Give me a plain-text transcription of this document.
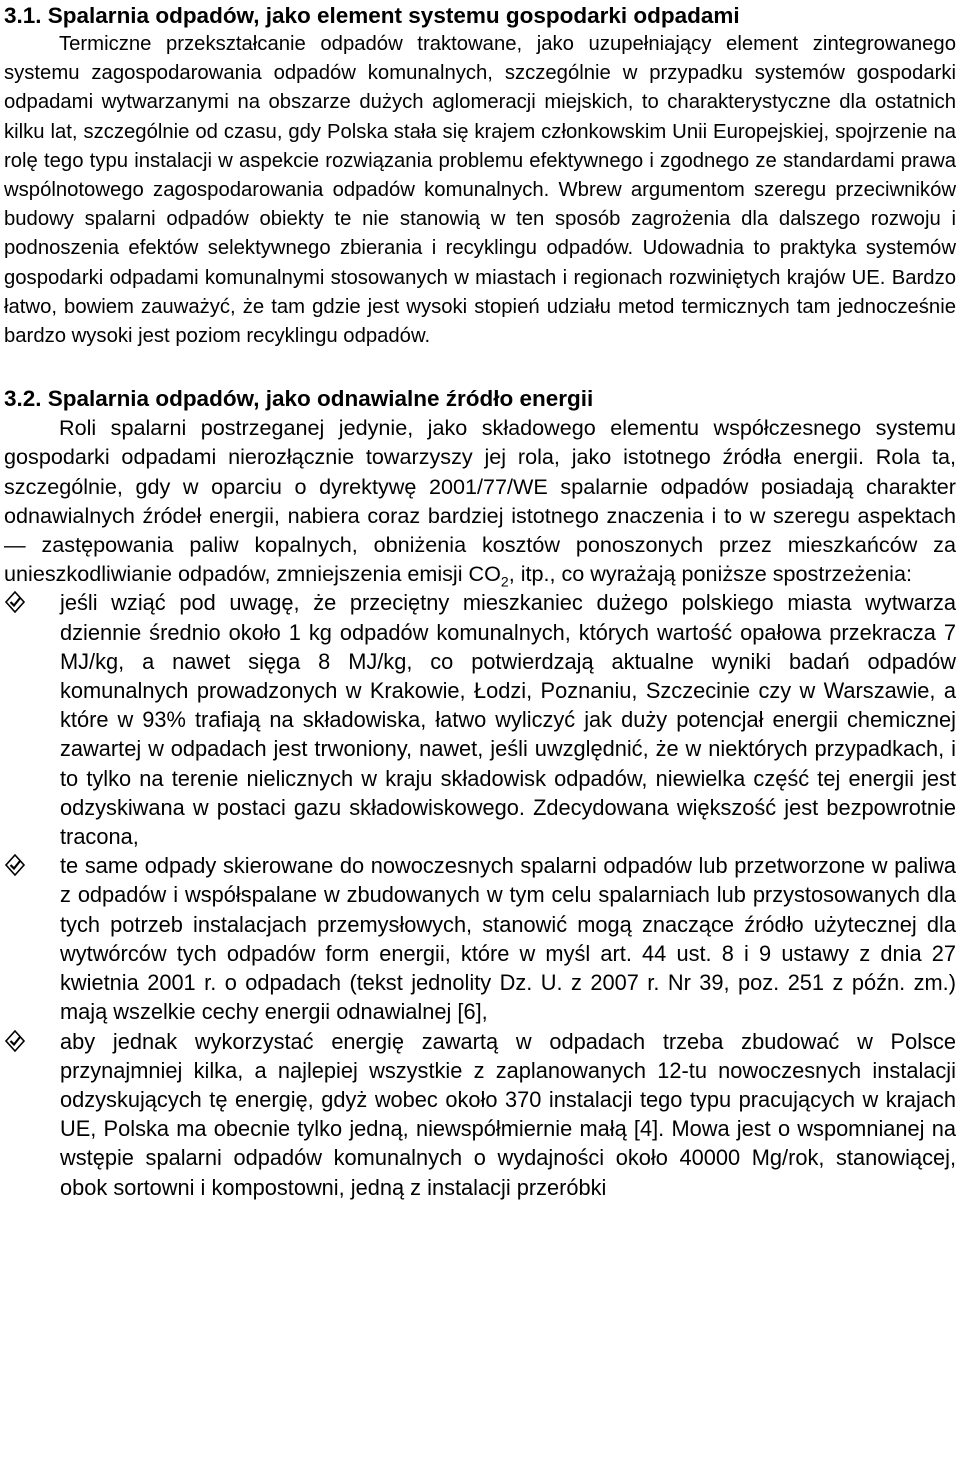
3.1. Spalarnia odpadów, jako element systemu gospodarki odpadami

Termiczne przekształcanie odpadów traktowane, jako uzupełniający element zintegrowanego systemu zagospodarowania odpadów komunalnych, szczególnie w przypadku systemów gospodarki odpadami wytwarzanymi na obszarze dużych aglomeracji miejskich, to charakterystyczne dla ostatnich kilku lat, szczególnie od czasu, gdy Polska stała się krajem członkowskim Unii Europejskiej, spojrzenie na rolę tego typu instalacji w aspekcie rozwiązania problemu efektywnego i zgodnego ze standardami prawa wspólnotowego zagospodarowania odpadów komunalnych. Wbrew argumentom szeregu przeciwników budowy spalarni odpadów obiekty te nie stanowią w ten sposób zagrożenia dla dalszego rozwoju i podnoszenia efektów selektywnego zbierania i recyklingu odpadów. Udowadnia to praktyka systemów gospodarki odpadami komunalnymi stosowanych w miastach i regionach rozwiniętych krajów UE. Bardzo łatwo, bowiem zauważyć, że tam gdzie jest wysoki stopień udziału metod termicznych tam jednocześnie bardzo wysoki jest poziom recyklingu odpadów.

3.2. Spalarnia odpadów, jako odnawialne źródło energii

Roli spalarni postrzeganej jedynie, jako składowego elementu współczesnego systemu gospodarki odpadami nierozłącznie towarzyszy jej rola, jako istotnego źródła energii. Rola ta, szczególnie, gdy w oparciu o dyrektywę 2001/77/WE spalarnie odpadów posiadają charakter odnawialnych źródeł energii, nabiera coraz bardziej istotnego znaczenia i to w szeregu aspektach — zastępowania paliw kopalnych, obniżenia kosztów ponoszonych przez mieszkańców za unieszkodliwianie odpadów, zmniejszenia emisji $CO_2$, itp., co wyrażają poniższe spostrzeżenia:

jeśli wziąć pod uwagę, że przeciętny mieszkaniec dużego polskiego miasta wytwarza dziennie średnio około 1 kg odpadów komunalnych, których wartość opałowa przekracza 7 MJ/kg, a nawet sięga 8 MJ/kg, co potwierdzają aktualne wyniki badań odpadów komunalnych prowadzonych w Krakowie, Łodzi, Poznaniu, Szczecinie czy w Warszawie, a które w 93% trafiają na składowiska, łatwo wyliczyć jak duży potencjał energii chemicznej zawartej w odpadach jest trwoniony, nawet, jeśli uwzględnić, że w niektórych przypadkach, i to tylko na terenie nielicznych w kraju składowisk odpadów, niewielka część tej energii jest odzyskiwana w postaci gazu składowiskowego. Zdecydowana większość jest bezpowrotnie tracona,
te same odpady skierowane do nowoczesnych spalarni odpadów lub przetworzone w paliwa z odpadów i współspalane w zbudowanych w tym celu spalarniach lub przystosowanych dla tych potrzeb instalacjach przemysłowych, stanowić mogą znaczące źródło użytecznej dla wytwórców tych odpadów form energii, które w myśl art. 44 ust. 8 i 9 ustawy z dnia 27 kwietnia 2001 r. o odpadach (tekst jednolity Dz. U. z 2007 r. Nr 39, poz. 251 z późn. zm.) mają wszelkie cechy energii odnawialnej [6],
aby jednak wykorzystać energię zawartą w odpadach trzeba zbudować w Polsce przynajmniej kilka, a najlepiej wszystkie z zaplanowanych 12-tu nowoczesnych instalacji odzyskujących tę energię, gdyż wobec około 370 instalacji tego typu pracujących w krajach UE, Polska ma obecnie tylko jedną, niewspółmiernie małą [4]. Mowa jest o wspomnianej na wstępie spalarni odpadów komunalnych o wydajności około 40000 Mg/rok, stanowiącej, obok sortowni i kompostowni, jedną z instalacji przeróbki
